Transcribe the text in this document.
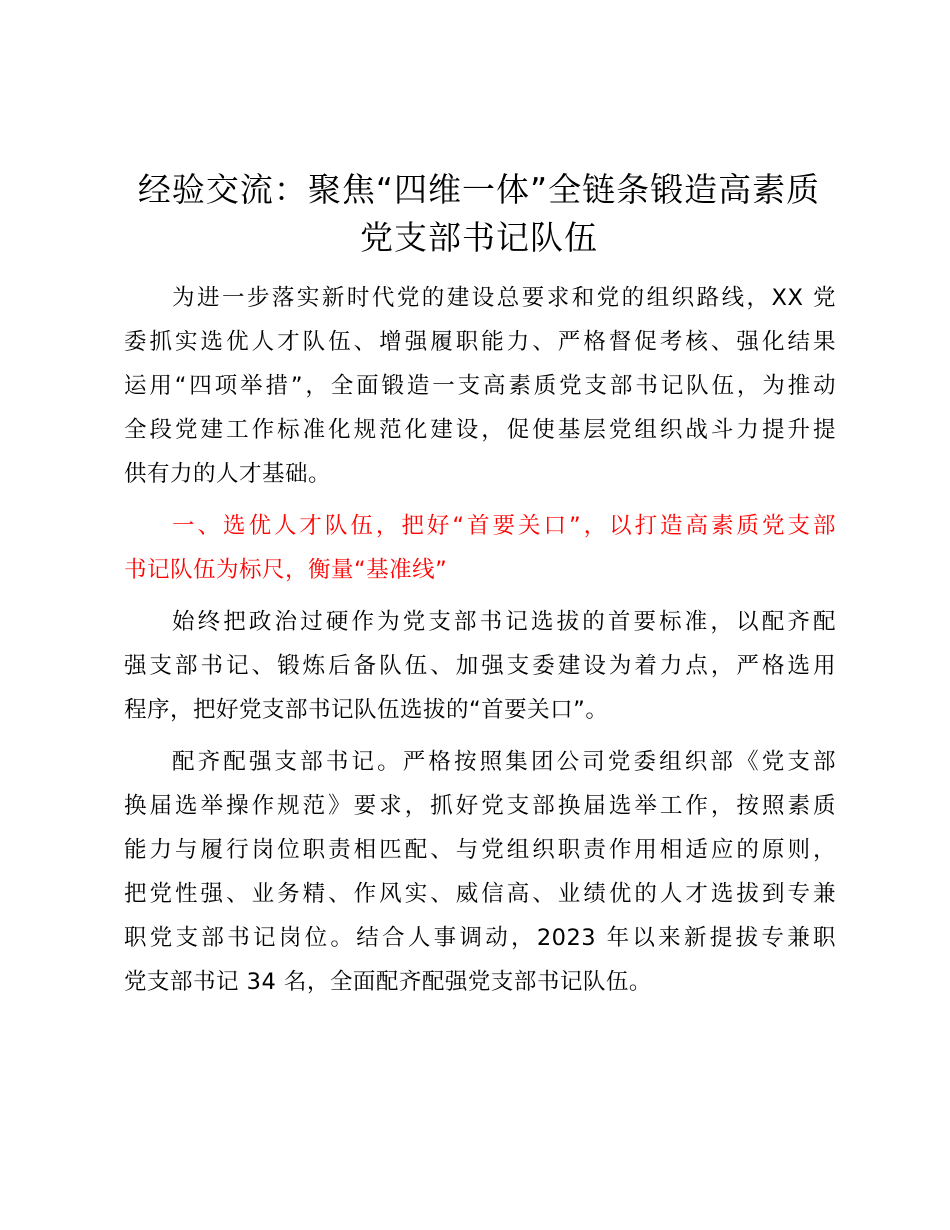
经验交流：聚焦“四维一体”全链条锻造高素质
党支部书记队伍
为进一步落实新时代党的建设总要求和党的组织路线，XX 党
委抓实选优人才队伍、增强履职能力、严格督促考核、强化结果
运用“四项举措”，全面锻造一支高素质党支部书记队伍，为推动
全段党建工作标准化规范化建设，促使基层党组织战斗力提升提
供有力的人才基础。
一、选优人才队伍，把好“首要关口”，以打造高素质党支部
书记队伍为标尺，衡量“基准线”
始终把政治过硬作为党支部书记选拔的首要标准，以配齐配
强支部书记、锻炼后备队伍、加强支委建设为着力点，严格选用
程序，把好党支部书记队伍选拔的“首要关口”。
配齐配强支部书记。严格按照集团公司党委组织部《党支部
换届选举操作规范》要求，抓好党支部换届选举工作，按照素质
能力与履行岗位职责相匹配、与党组织职责作用相适应的原则，
把党性强、业务精、作风实、威信高、业绩优的人才选拔到专兼
职党支部书记岗位。结合人事调动，2023 年以来新提拔专兼职
党支部书记 34 名，全面配齐配强党支部书记队伍。
